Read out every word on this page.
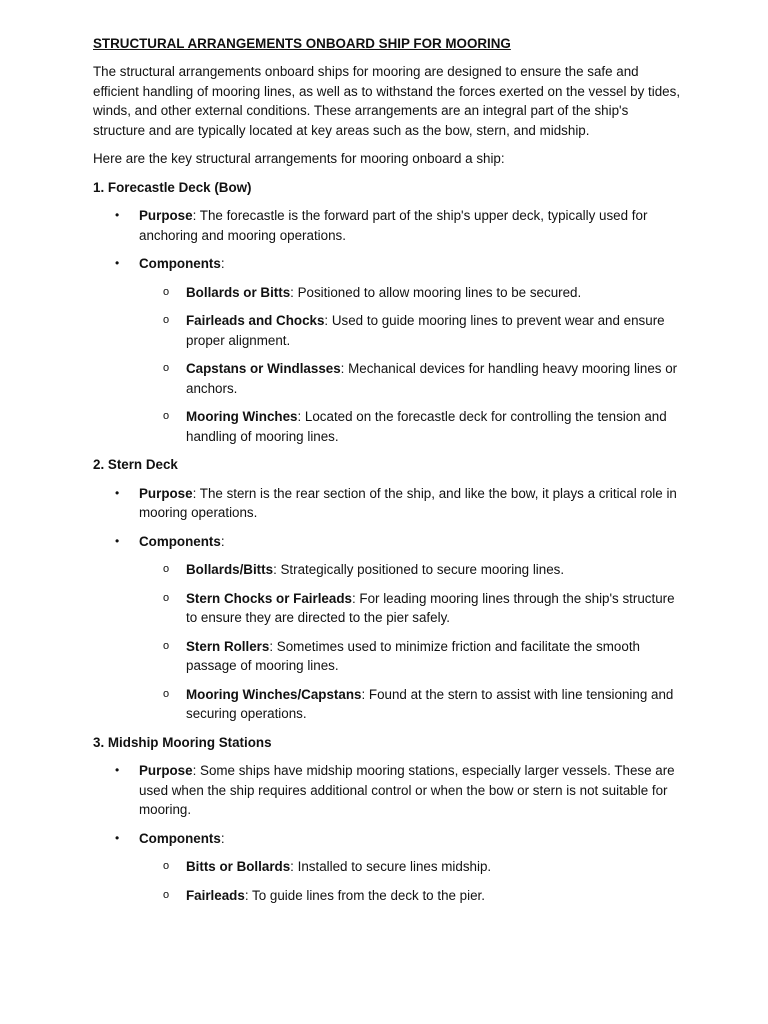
STRUCTURAL ARRANGEMENTS ONBOARD SHIP FOR MOORING

The structural arrangements onboard ships for mooring are designed to ensure the safe and efficient handling of mooring lines, as well as to withstand the forces exerted on the vessel by tides, winds, and other external conditions. These arrangements are an integral part of the ship's structure and are typically located at key areas such as the bow, stern, and midship.

Here are the key structural arrangements for mooring onboard a ship:

1. Forecastle Deck (Bow)
• Purpose: The forecastle is the forward part of the ship's upper deck, typically used for anchoring and mooring operations.
• Components:
o Bollards or Bitts: Positioned to allow mooring lines to be secured.
o Fairleads and Chocks: Used to guide mooring lines to prevent wear and ensure proper alignment.
o Capstans or Windlasses: Mechanical devices for handling heavy mooring lines or anchors.
o Mooring Winches: Located on the forecastle deck for controlling the tension and handling of mooring lines.
2. Stern Deck
• Purpose: The stern is the rear section of the ship, and like the bow, it plays a critical role in mooring operations.
• Components:
o Bollards/Bitts: Strategically positioned to secure mooring lines.
o Stern Chocks or Fairleads: For leading mooring lines through the ship's structure to ensure they are directed to the pier safely.
o Stern Rollers: Sometimes used to minimize friction and facilitate the smooth passage of mooring lines.
o Mooring Winches/Capstans: Found at the stern to assist with line tensioning and securing operations.
3. Midship Mooring Stations
• Purpose: Some ships have midship mooring stations, especially larger vessels. These are used when the ship requires additional control or when the bow or stern is not suitable for mooring.
• Components:
o Bitts or Bollards: Installed to secure lines midship.
o Fairleads: To guide lines from the deck to the pier.
